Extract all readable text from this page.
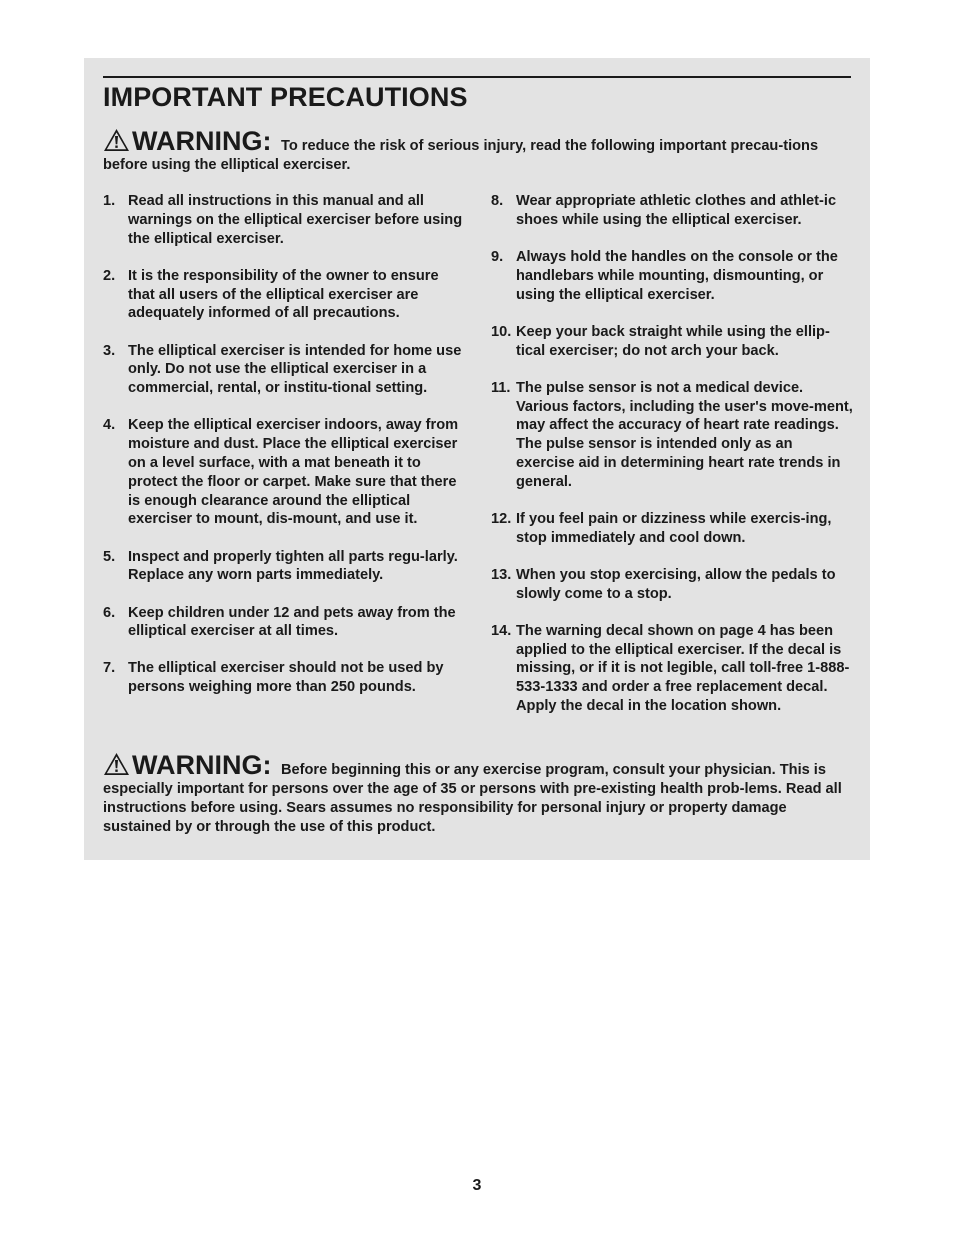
IMPORTANT PRECAUTIONS

WARNING: To reduce the risk of serious injury, read the following important precau-tions before using the elliptical exerciser.

1. Read all instructions in this manual and all warnings on the elliptical exerciser before using the elliptical exerciser.
2. It is the responsibility of the owner to ensure that all users of the elliptical exerciser are adequately informed of all precautions.
3. The elliptical exerciser is intended for home use only. Do not use the elliptical exerciser in a commercial, rental, or institu-tional setting.
4. Keep the elliptical exerciser indoors, away from moisture and dust. Place the elliptical exerciser on a level surface, with a mat beneath it to protect the floor or carpet. Make sure that there is enough clearance around the elliptical exerciser to mount, dis-mount, and use it.
5. Inspect and properly tighten all parts regu-larly. Replace any worn parts immediately.
6. Keep children under 12 and pets away from the elliptical exerciser at all times.
7. The elliptical exerciser should not be used by persons weighing more than 250 pounds.
8. Wear appropriate athletic clothes and athlet-ic shoes while using the elliptical exerciser.
9. Always hold the handles on the console or the handlebars while mounting, dismounting, or using the elliptical exerciser.
10. Keep your back straight while using the ellip-tical exerciser; do not arch your back.
11. The pulse sensor is not a medical device. Various factors, including the user's move-ment, may affect the accuracy of heart rate readings. The pulse sensor is intended only as an exercise aid in determining heart rate trends in general.
12. If you feel pain or dizziness while exercis-ing, stop immediately and cool down.
13. When you stop exercising, allow the pedals to slowly come to a stop.
14. The warning decal shown on page 4 has been applied to the elliptical exerciser. If the decal is missing, or if it is not legible, call toll-free 1-888-533-1333 and order a free replacement decal. Apply the decal in the location shown.

WARNING: Before beginning this or any exercise program, consult your physician. This is especially important for persons over the age of 35 or persons with pre-existing health prob-lems. Read all instructions before using. Sears assumes no responsibility for personal injury or property damage sustained by or through the use of this product.

3
